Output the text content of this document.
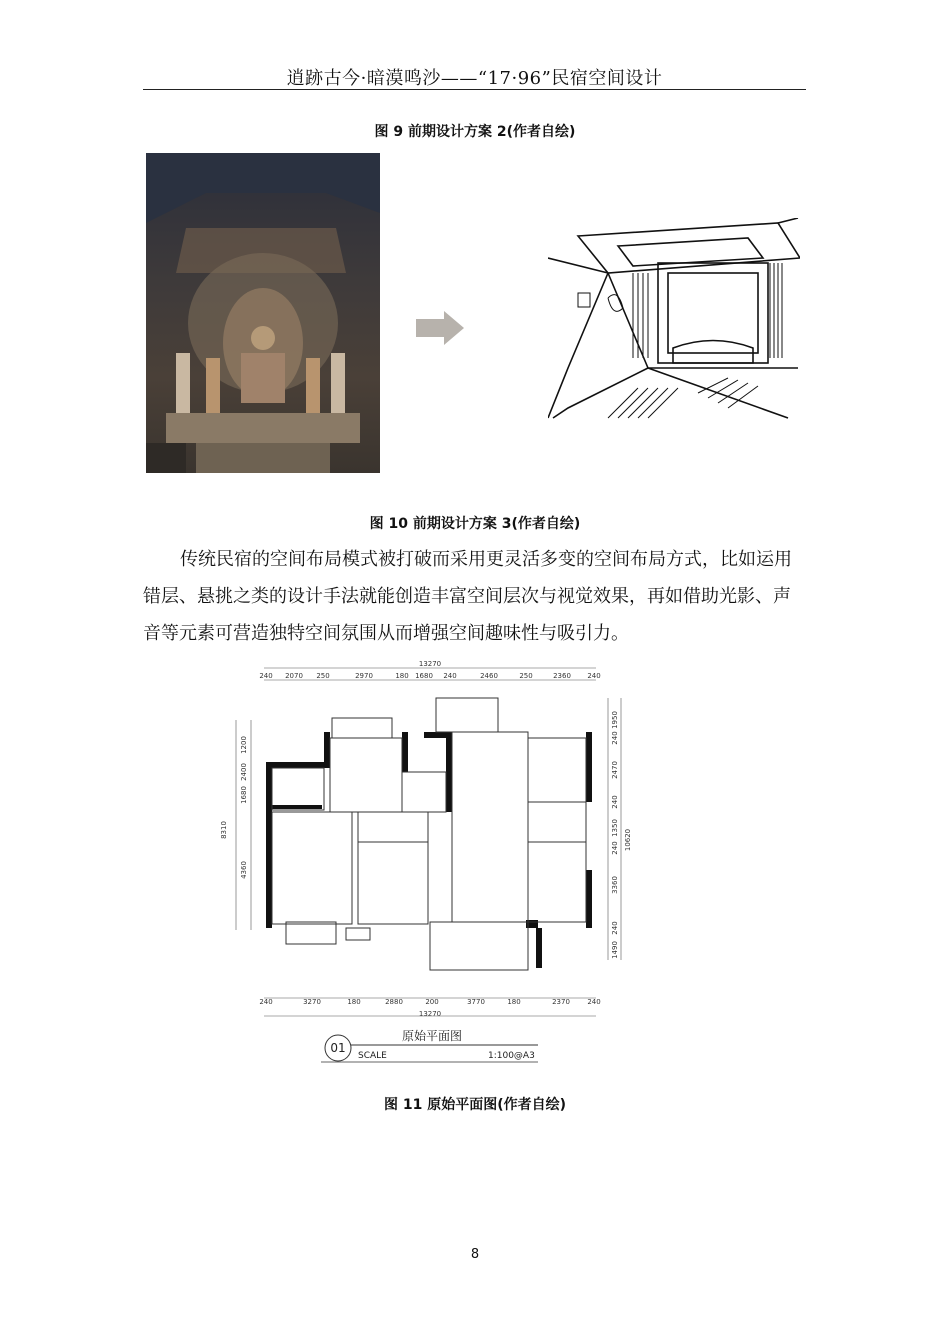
逍跡古今·暗漠鸣沙——“17·96”民宿空间设计
图 9 前期设计方案 2(作者自绘)
图 10 前期设计方案 3(作者自绘)

传统民宿的空间布局模式被打破而采用更灵活多变的空间布局方式，比如运用错层、悬挑之类的设计手法就能创造丰富空间层次与视觉效果，再如借助光影、声音等元素可营造独特空间氛围从而增强空间趣味性与吸引力。

13270
240 2070 250	2970	180 1680 240	2460	250	2360 240
240	3270	180	2880	200	3770	180	2370 240
13270
8310
1200
2400
1680
4360
10620
1950
240
2470
240
1350
240
3360
240
1490
01
原始平面图
SCALE	1:100@A3
图 11 原始平面图(作者自绘)
8
